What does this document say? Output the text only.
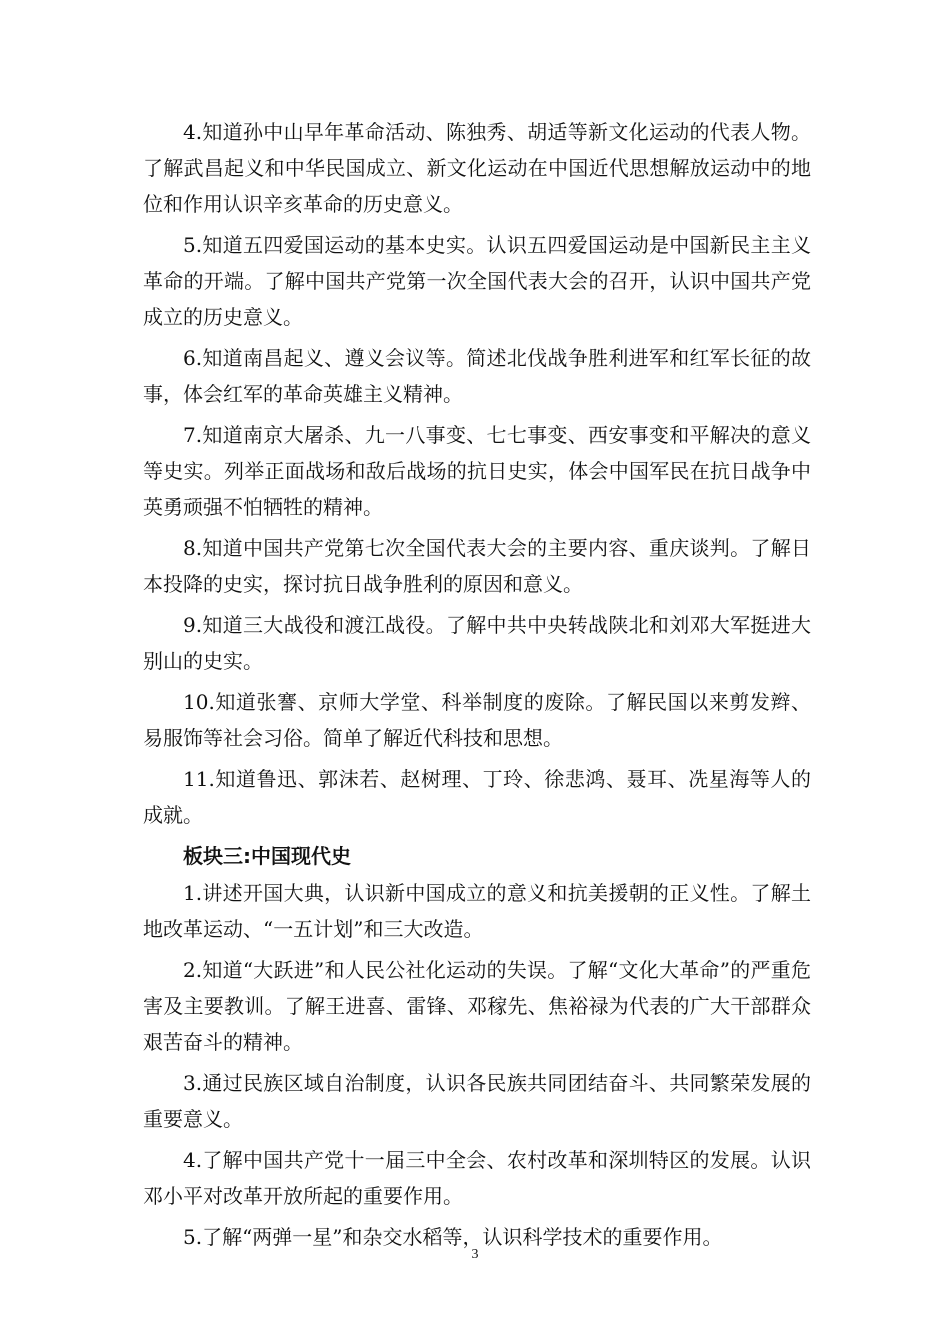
4.知道孙中山早年革命活动、陈独秀、胡适等新文化运动的代表人物。了解武昌起义和中华民国成立、新文化运动在中国近代思想解放运动中的地位和作用认识辛亥革命的历史意义。

5.知道五四爱国运动的基本史实。认识五四爱国运动是中国新民主主义革命的开端。了解中国共产党第一次全国代表大会的召开，认识中国共产党成立的历史意义。

6.知道南昌起义、遵义会议等。简述北伐战争胜利进军和红军长征的故事，体会红军的革命英雄主义精神。

7.知道南京大屠杀、九一八事变、七七事变、西安事变和平解决的意义等史实。列举正面战场和敌后战场的抗日史实，体会中国军民在抗日战争中英勇顽强不怕牺牲的精神。

8.知道中国共产党第七次全国代表大会的主要内容、重庆谈判。了解日本投降的史实，探讨抗日战争胜利的原因和意义。

9.知道三大战役和渡江战役。了解中共中央转战陕北和刘邓大军挺进大别山的史实。

10.知道张謇、京师大学堂、科举制度的废除。了解民国以来剪发辫、易服饰等社会习俗。简单了解近代科技和思想。

11.知道鲁迅、郭沫若、赵树理、丁玲、徐悲鸿、聂耳、冼星海等人的成就。

板块三:中国现代史

1.讲述开国大典，认识新中国成立的意义和抗美援朝的正义性。了解土地改革运动、“一五计划”和三大改造。

2.知道“大跃进”和人民公社化运动的失误。了解“文化大革命”的严重危害及主要教训。了解王进喜、雷锋、邓稼先、焦裕禄为代表的广大干部群众艰苦奋斗的精神。

3.通过民族区域自治制度，认识各民族共同团结奋斗、共同繁荣发展的重要意义。

4.了解中国共产党十一届三中全会、农村改革和深圳特区的发展。认识邓小平对改革开放所起的重要作用。

5.了解“两弹一星”和杂交水稻等，认识科学技术的重要作用。

3
